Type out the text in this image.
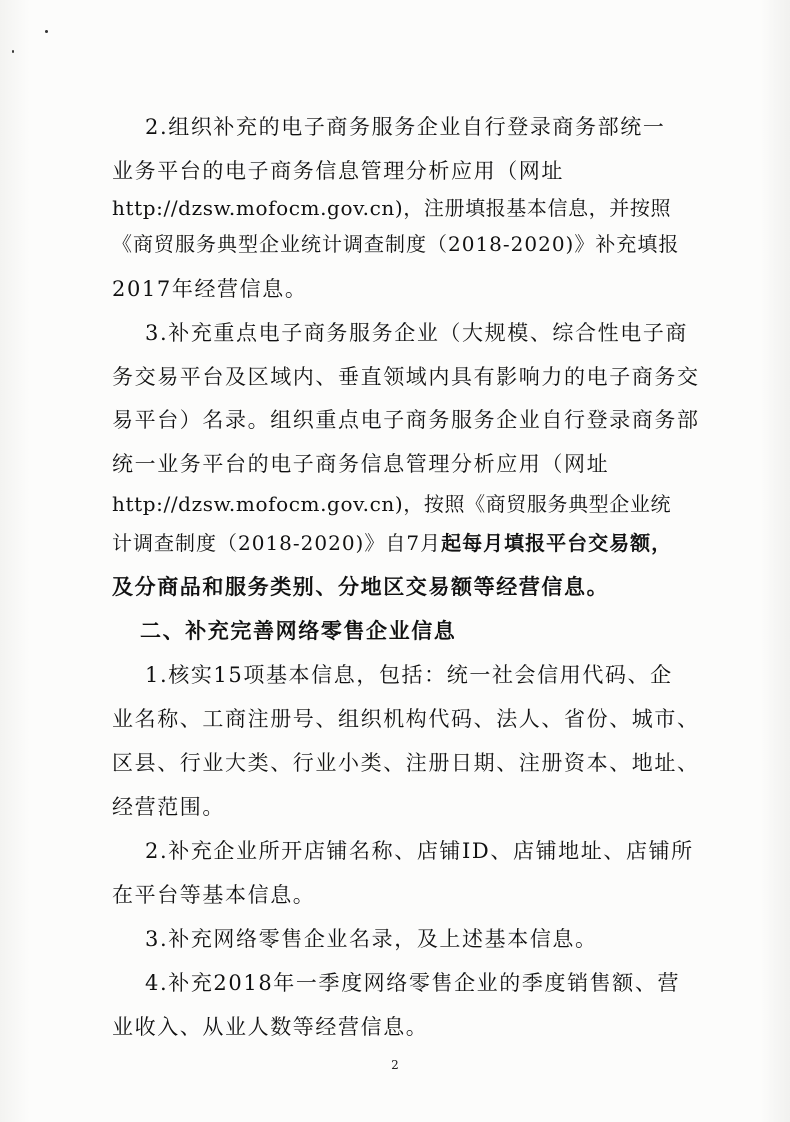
2.组织补充的电子商务服务企业自行登录商务部统一
业务平台的电子商务信息管理分析应用（网址
http://dzsw.mofocm.gov.cn)，注册填报基本信息，并按照
《商贸服务典型企业统计调查制度（2018-2020)》补充填报
2017年经营信息。
3.补充重点电子商务服务企业（大规模、综合性电子商
务交易平台及区域内、垂直领域内具有影响力的电子商务交
易平台）名录。组织重点电子商务服务企业自行登录商务部
统一业务平台的电子商务信息管理分析应用（网址
http://dzsw.mofocm.gov.cn)，按照《商贸服务典型企业统
计调查制度（2018-2020)》自7月起每月填报平台交易额，
及分商品和服务类别、分地区交易额等经营信息。
二、补充完善网络零售企业信息
1.核实15项基本信息，包括：统一社会信用代码、企
业名称、工商注册号、组织机构代码、法人、省份、城市、
区县、行业大类、行业小类、注册日期、注册资本、地址、
经营范围。
2.补充企业所开店铺名称、店铺ID、店铺地址、店铺所
在平台等基本信息。
3.补充网络零售企业名录，及上述基本信息。
4.补充2018年一季度网络零售企业的季度销售额、营
业收入、从业人数等经营信息。
2
